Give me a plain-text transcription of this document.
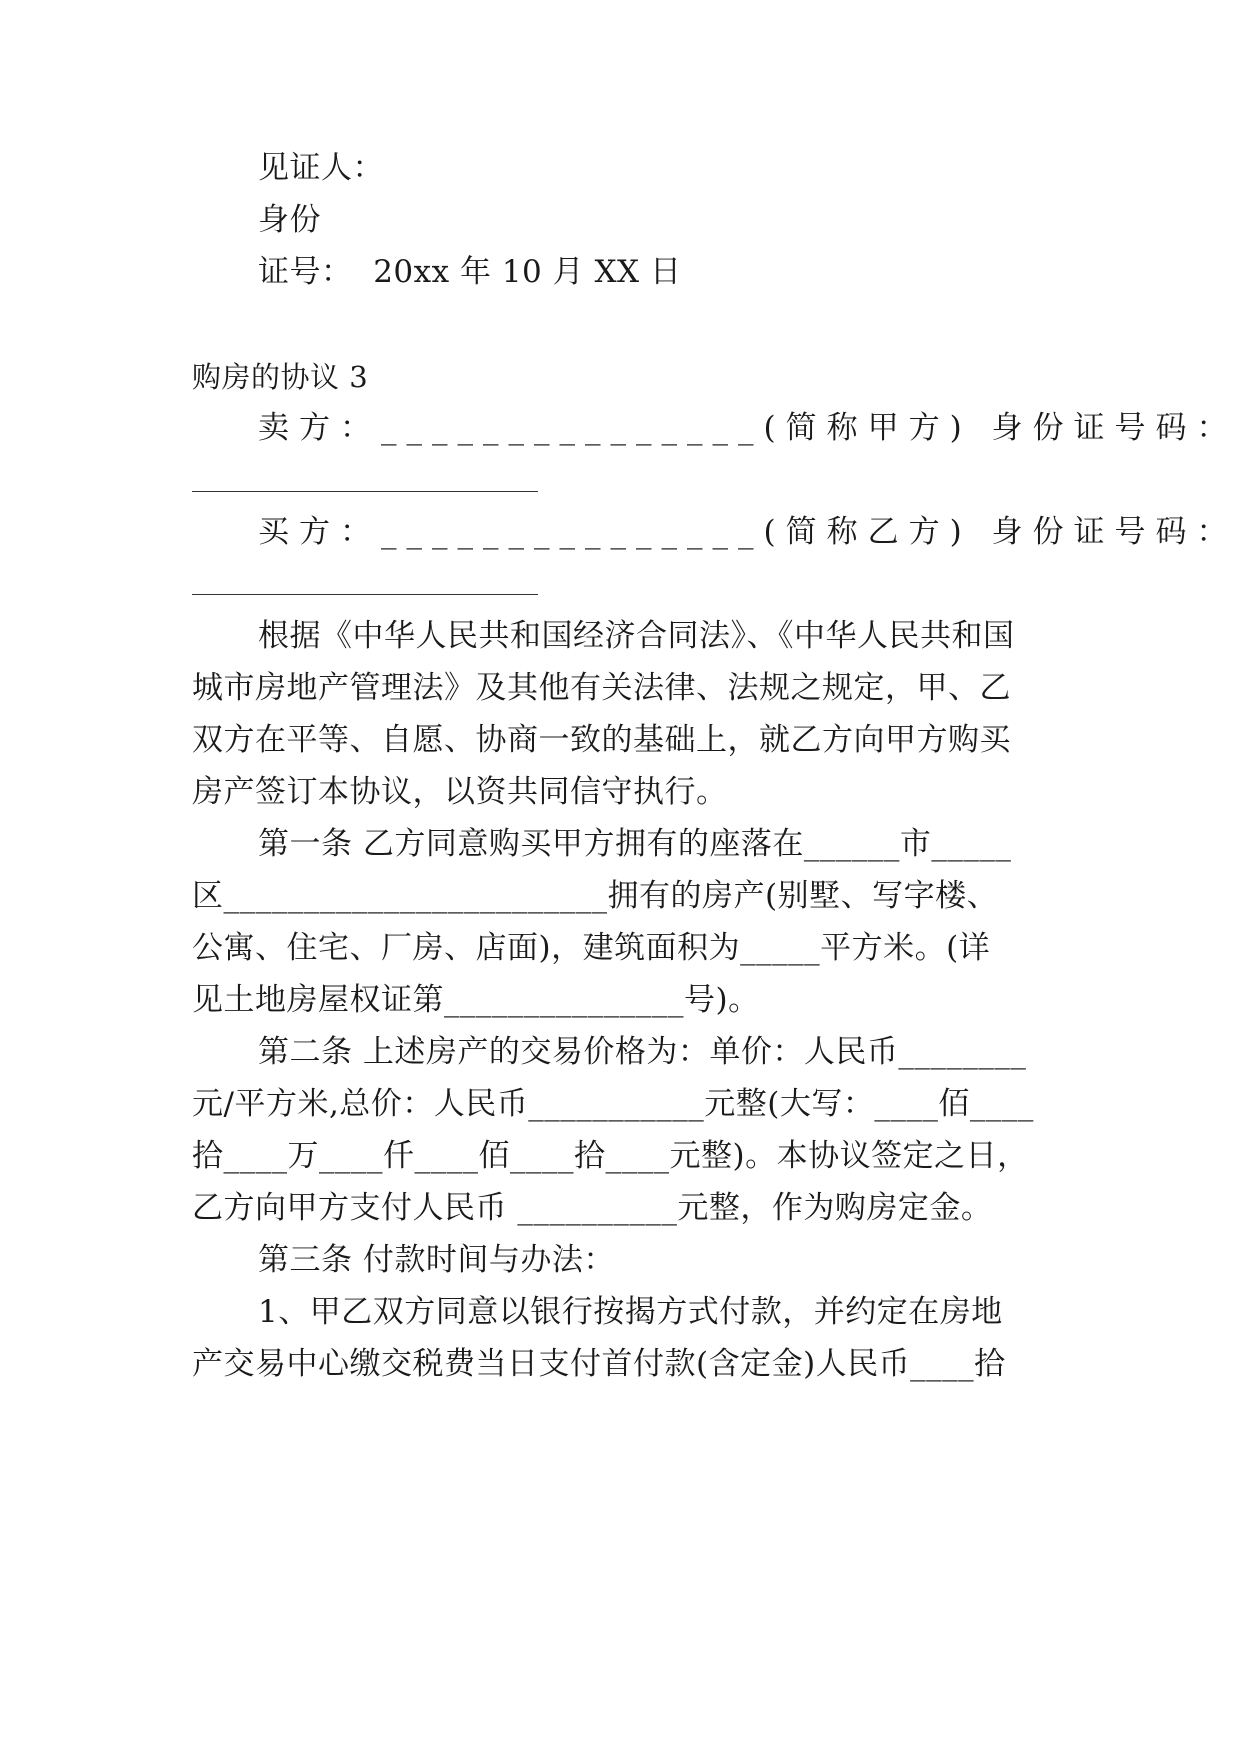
见证人：
身份
证号：  20xx 年 10 月 XX 日
购房的协议 3
卖方：_______________(简称甲方) 身份证号码：
买方：_______________(简称乙方) 身份证号码：
根据《中华人民共和国经济合同法》、《中华人民共和国
城市房地产管理法》及其他有关法律、法规之规定，甲、乙
双方在平等、自愿、协商一致的基础上，就乙方向甲方购买
房产签订本协议，以资共同信守执行。
第一条 乙方同意购买甲方拥有的座落在______市_____
区________________________拥有的房产(别墅、写字楼、
公寓、住宅、厂房、店面)，建筑面积为_____平方米。(详
见土地房屋权证第_______________号)。
第二条 上述房产的交易价格为：单价：人民币________
元/平方米,总价：人民币___________元整(大写：____佰____
拾____万____仟____佰____拾____元整)。本协议签定之日，
乙方向甲方支付人民币 __________元整，作为购房定金。
第三条 付款时间与办法：
1、甲乙双方同意以银行按揭方式付款，并约定在房地
产交易中心缴交税费当日支付首付款(含定金)人民币____拾
